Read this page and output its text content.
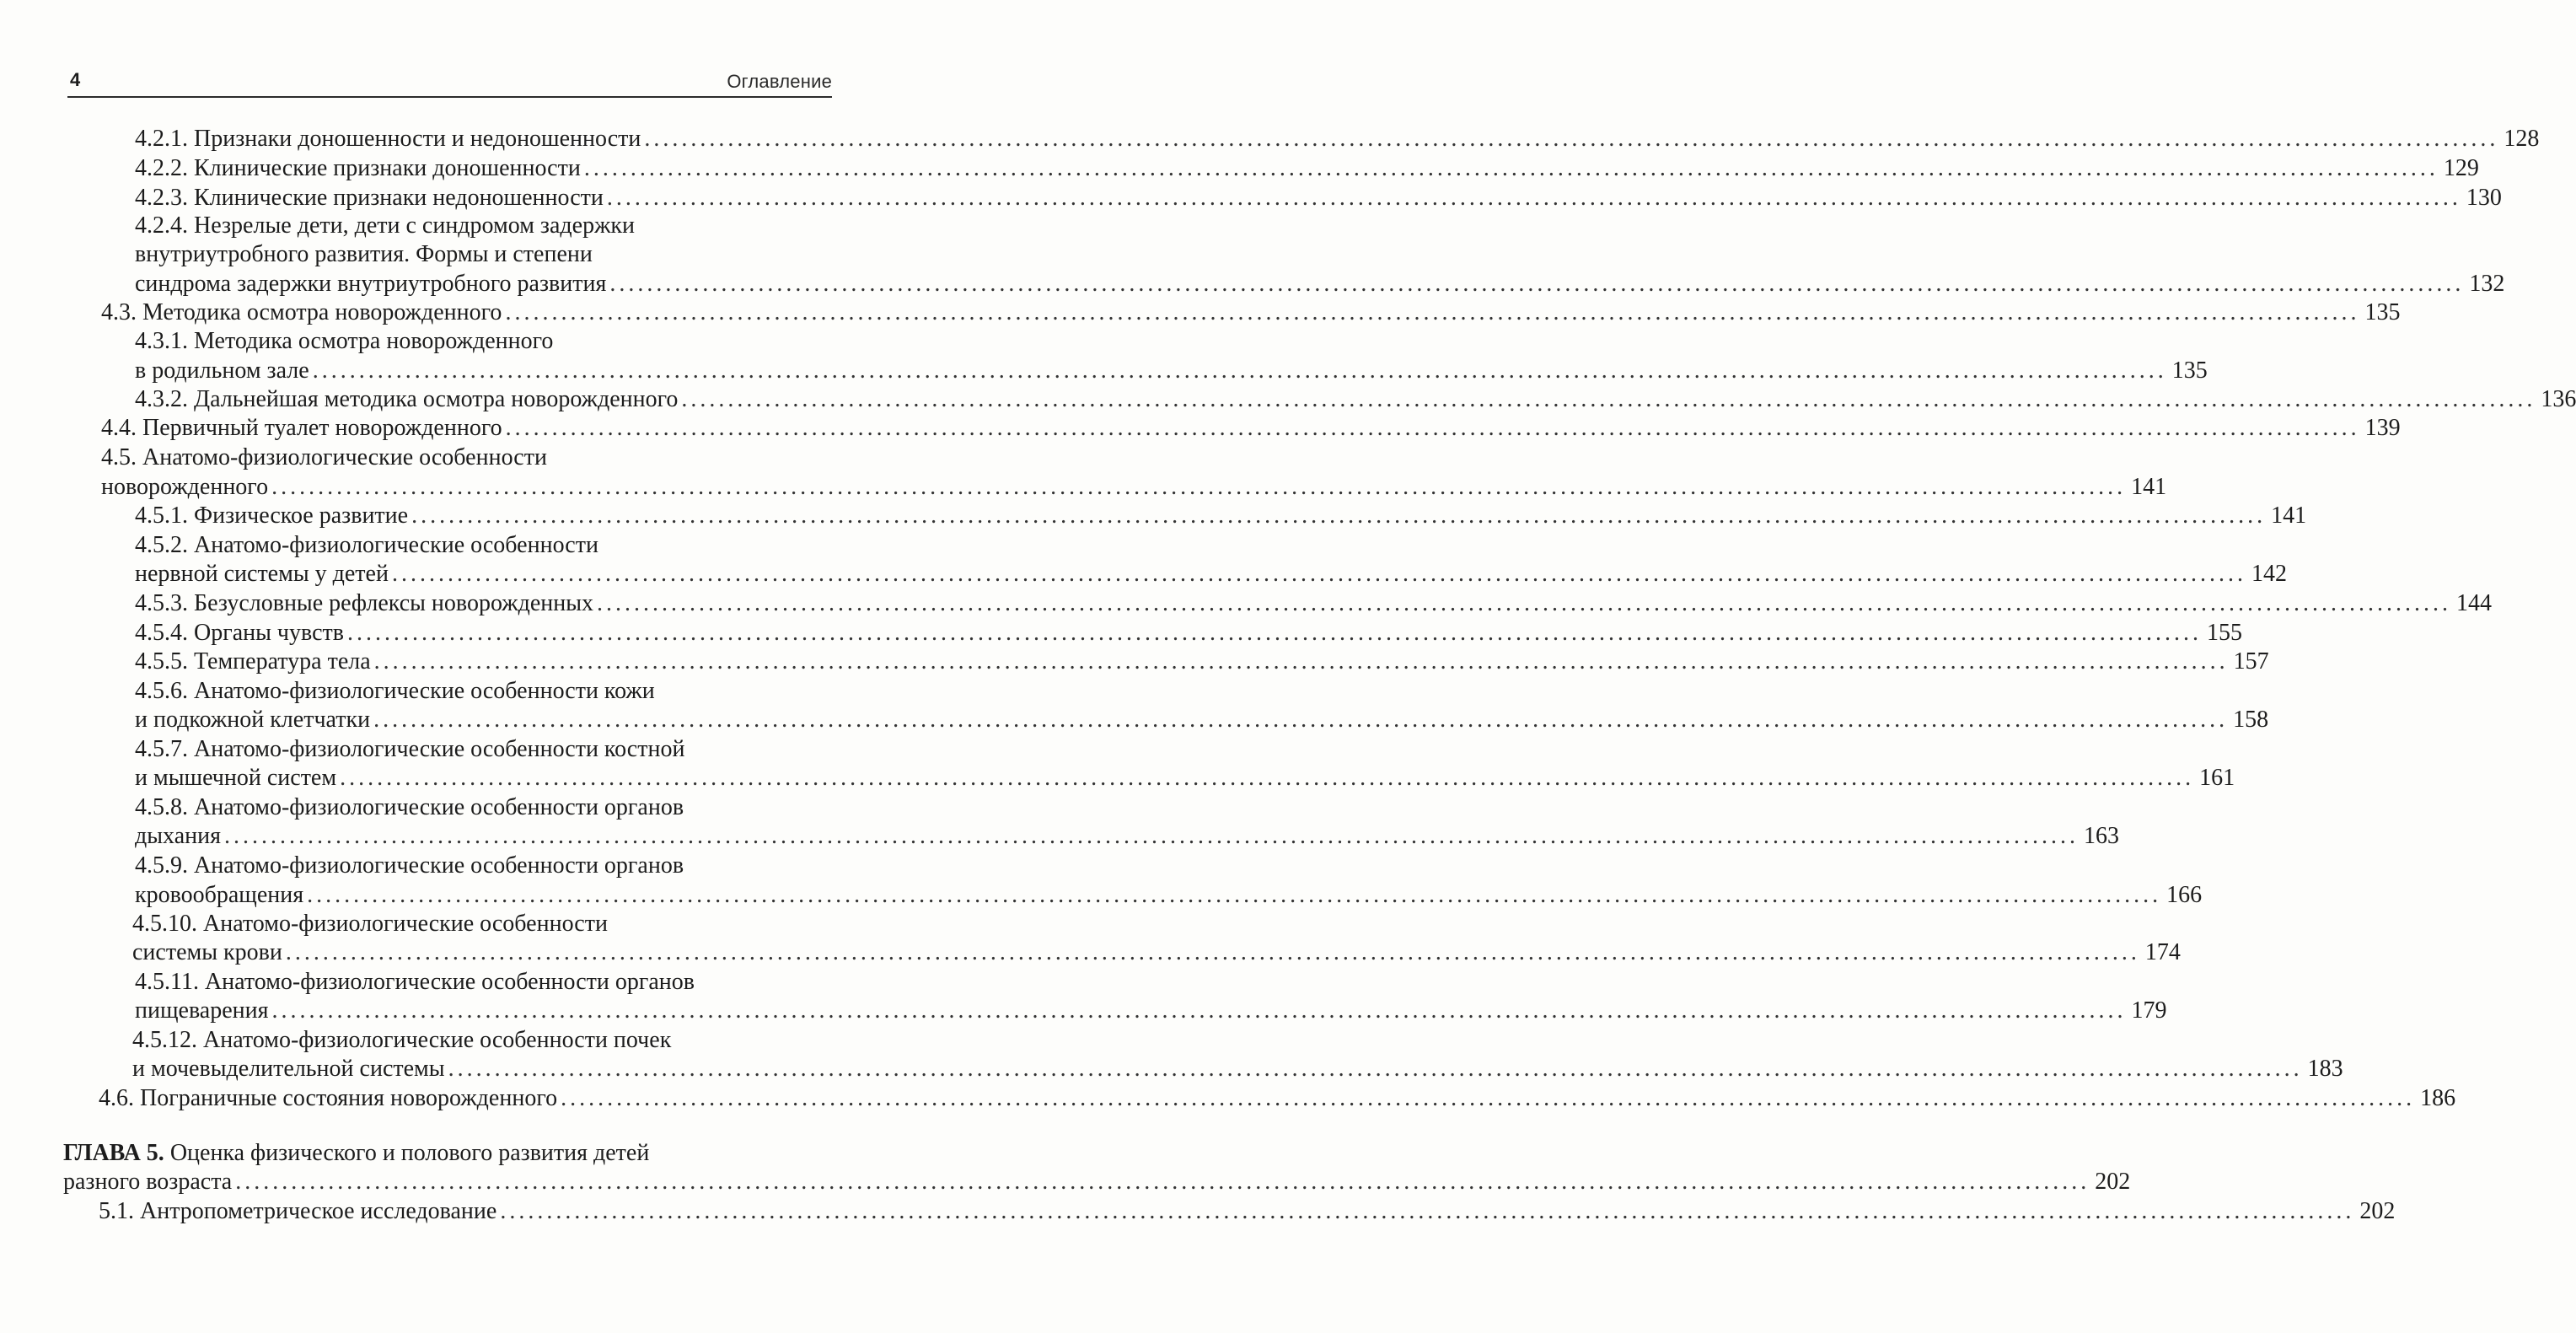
4	Оглавление
4.2.1. Признаки доношенности и недоношенности ........................................................................................................................................................................................................ 128
4.2.2. Клинические признаки доношенности ........................................................................................................................................................................................................ 129
4.2.3. Клинические признаки недоношенности ........................................................................................................................................................................................................ 130
4.2.4. Незрелые дети, дети с синдромом задержки
внутриутробного развития. Формы и степени
синдрома задержки внутриутробного развития ........................................................................................................................................................................................................ 132
4.3. Методика осмотра новорожденного ........................................................................................................................................................................................................ 135
4.3.1. Методика осмотра новорожденного
в родильном зале ........................................................................................................................................................................................................ 135
4.3.2. Дальнейшая методика осмотра новорожденного ........................................................................................................................................................................................................ 136
4.4. Первичный туалет новорожденного ........................................................................................................................................................................................................ 139
4.5. Анатомо-физиологические особенности
новорожденного ........................................................................................................................................................................................................ 141
4.5.1. Физическое развитие ........................................................................................................................................................................................................ 141
4.5.2. Анатомо-физиологические особенности
нервной системы у детей ........................................................................................................................................................................................................ 142
4.5.3. Безусловные рефлексы новорожденных ........................................................................................................................................................................................................ 144
4.5.4. Органы чувств ........................................................................................................................................................................................................ 155
4.5.5. Температура тела ........................................................................................................................................................................................................ 157
4.5.6. Анатомо-физиологические особенности кожи
и подкожной клетчатки ........................................................................................................................................................................................................ 158
4.5.7. Анатомо-физиологические особенности костной
и мышечной систем ........................................................................................................................................................................................................ 161
4.5.8. Анатомо-физиологические особенности органов
дыхания ........................................................................................................................................................................................................ 163
4.5.9. Анатомо-физиологические особенности органов
кровообращения ........................................................................................................................................................................................................ 166
4.5.10. Анатомо-физиологические особенности
системы крови ........................................................................................................................................................................................................ 174
4.5.11. Анатомо-физиологические особенности органов
пищеварения ........................................................................................................................................................................................................ 179
4.5.12. Анатомо-физиологические особенности почек
и мочевыделительной системы ........................................................................................................................................................................................................ 183
4.6. Пограничные состояния новорожденного ........................................................................................................................................................................................................ 186
ГЛАВА 5. Оценка физического и полового развития детей
разного возраста ........................................................................................................................................................................................................ 202
5.1. Антропометрическое исследование ........................................................................................................................................................................................................ 202
